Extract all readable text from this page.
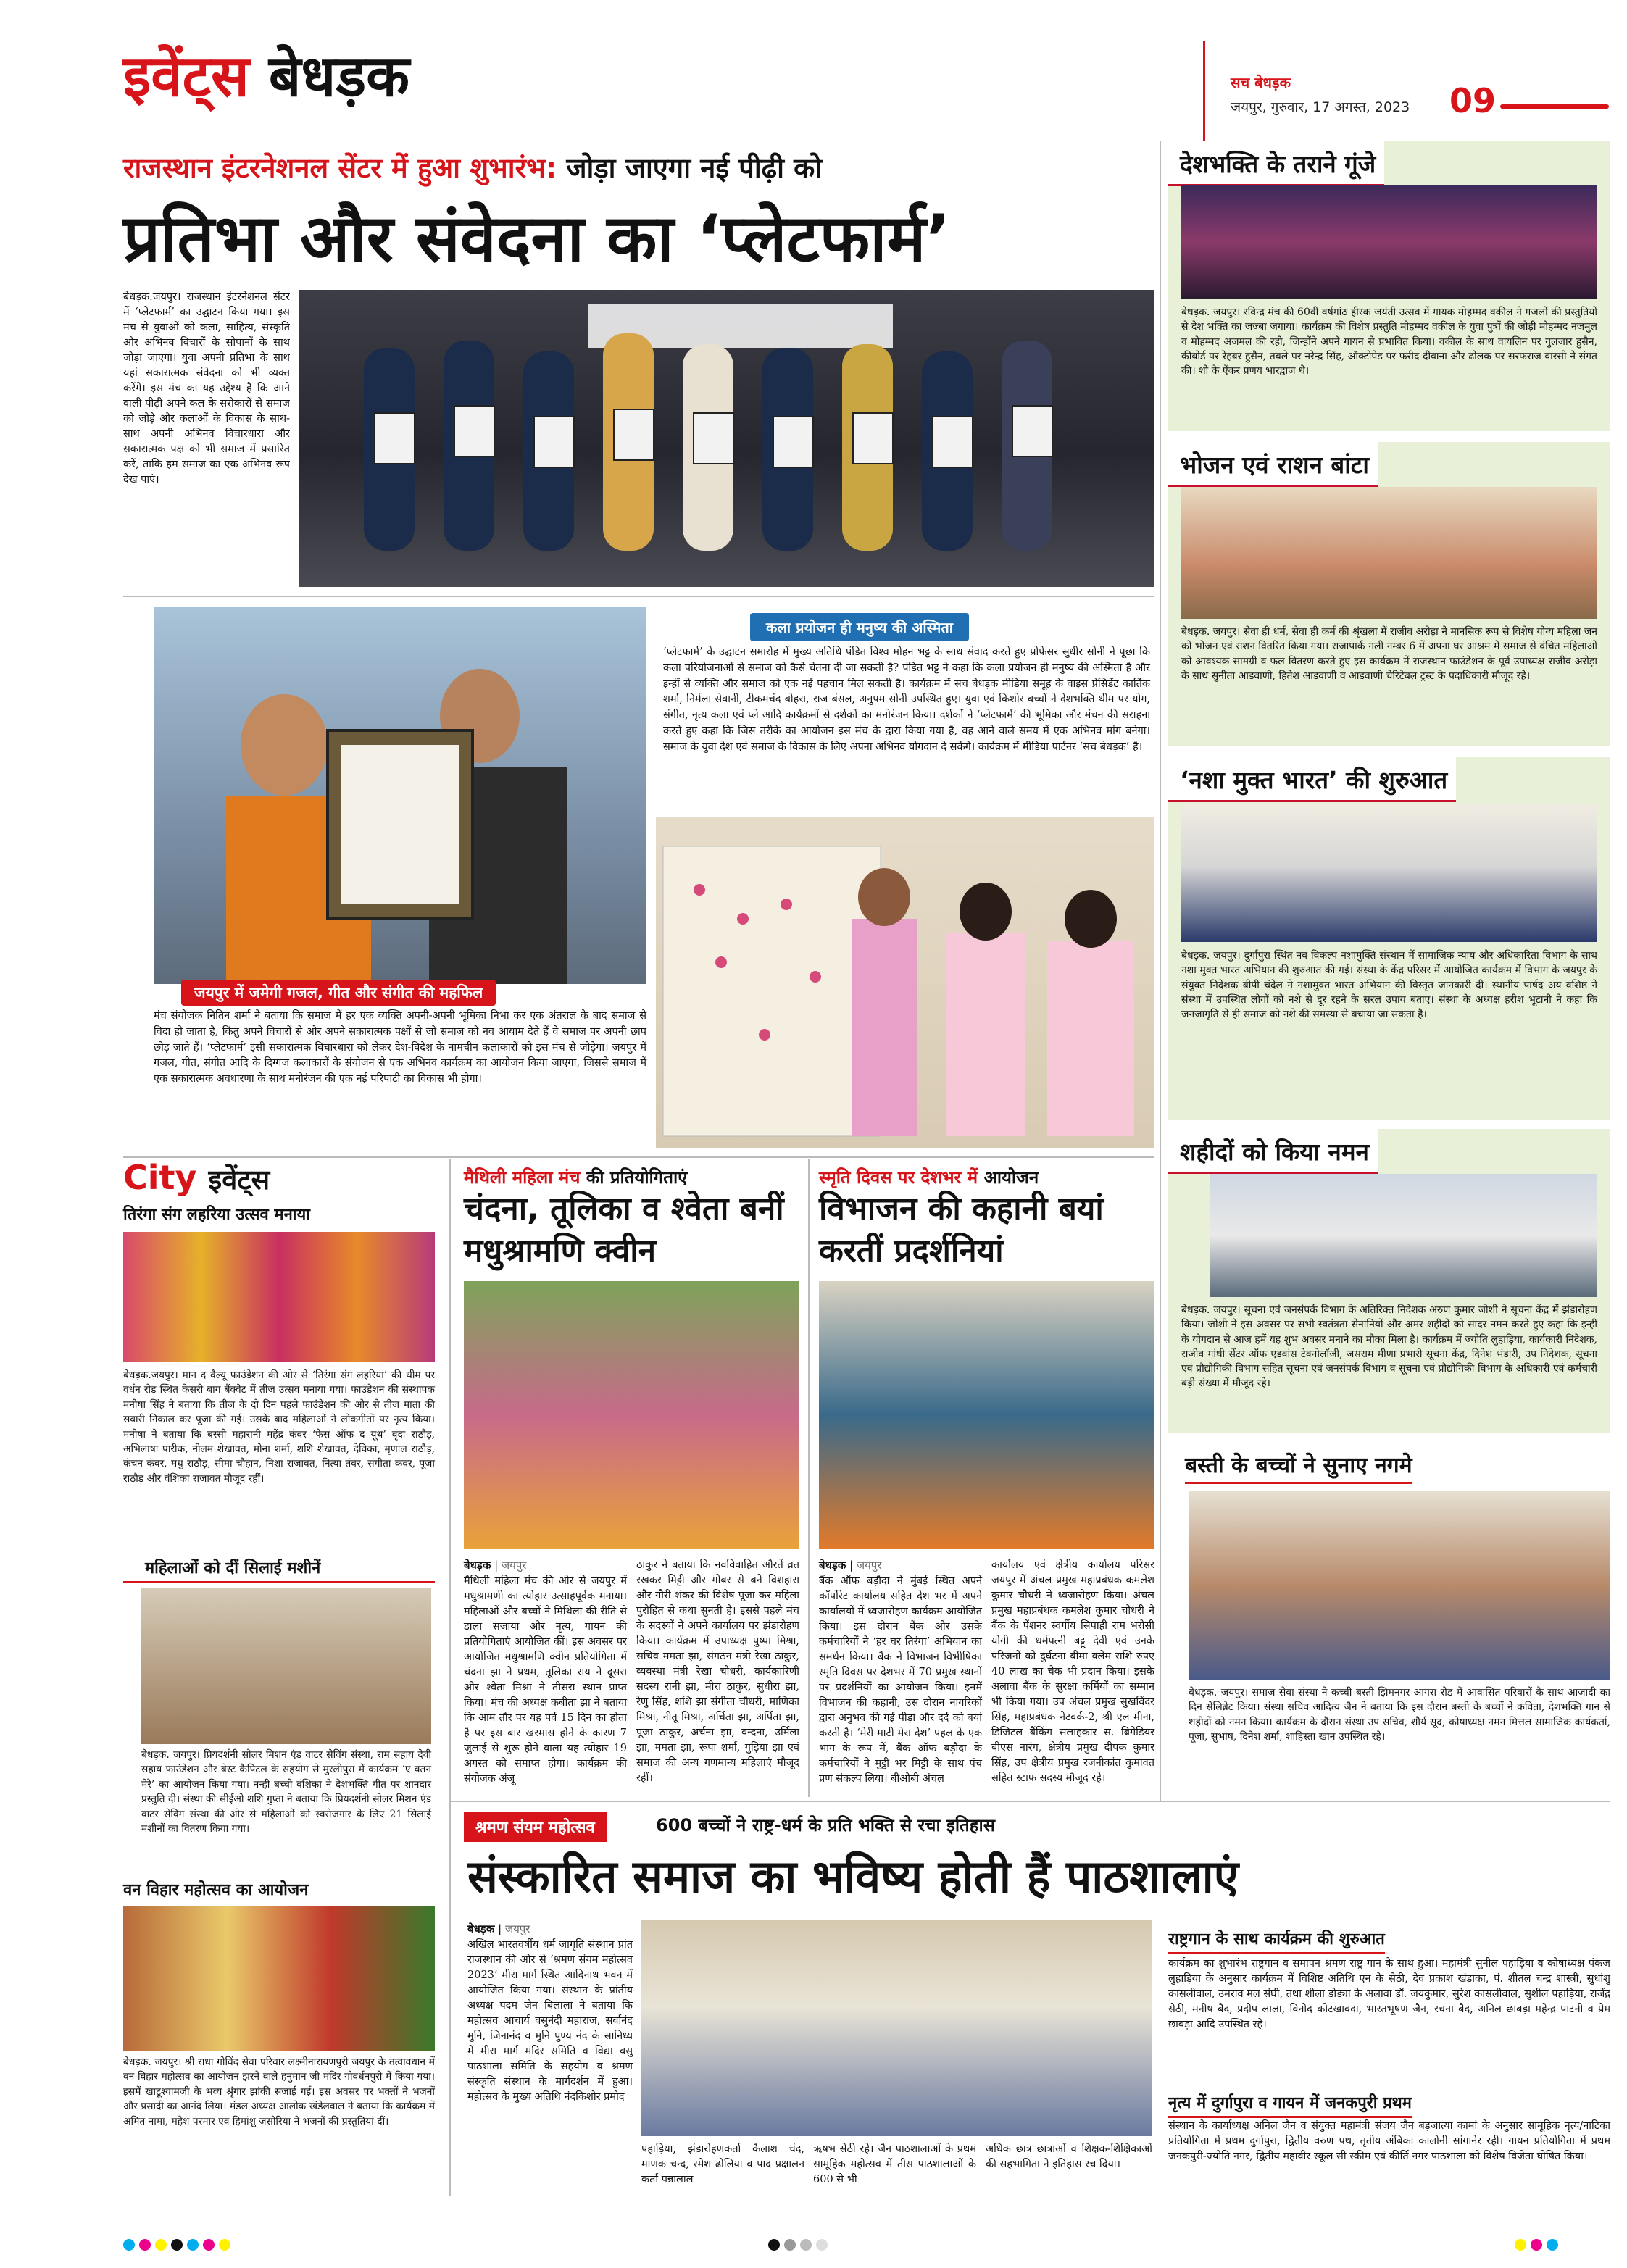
इवेंट्स बेधड़क	सच बेधड़क
जयपुर, गुरुवार, 17 अगस्त, 2023 09
राजस्थान इंटरनेशनल सेंटर में हुआ शुभारंभ: जोड़ा जाएगा नई पीढ़ी को
प्रतिभा और संवेदना का ‘प्लेटफार्म’
बेधड़क.जयपुर। राजस्थान इंटरनेशनल सेंटर में ‘प्लेटफार्म’ का उद्घाटन किया गया। इस मंच से युवाओं को कला, साहित्य, संस्कृति और अभिनव विचारों के सोपानों के साथ जोड़ा जाएगा। युवा अपनी प्रतिभा के साथ यहां सकारात्मक संवेदना को भी व्यक्त करेंगे। इस मंच का यह उद्देश्य है कि आने वाली पीढ़ी अपने कल के सरोकारों से समाज को जोड़े और कलाओं के विकास के साथ-साथ अपनी अभिनव विचारधारा और सकारात्मक पक्ष को भी समाज में प्रसारित करें, ताकि हम समाज का एक अभिनव रूप देख पाएं।
जयपुर में जमेगी गजल, गीत और संगीत की महफिल
मंच संयोजक नितिन शर्मा ने बताया कि समाज में हर एक व्यक्ति अपनी-अपनी भूमिका निभा कर एक अंतराल के बाद समाज से विदा हो जाता है, किंतु अपने विचारों से और अपने सकारात्मक पक्षों से जो समाज को नव आयाम देते हैं वे समाज पर अपनी छाप छोड़ जाते हैं। ‘प्लेटफार्म’ इसी सकारात्मक विचारधारा को लेकर देश-विदेश के नामचीन कलाकारों को इस मंच से जोड़ेगा। जयपुर में गजल, गीत, संगीत आदि के दिग्गज कलाकारों के संयोजन से एक अभिनव कार्यक्रम का आयोजन किया जाएगा, जिससे समाज में एक सकारात्मक अवधारणा के साथ मनोरंजन की एक नई परिपाटी का विकास भी होगा।
कला प्रयोजन ही मनुष्य की अस्मिता
‘प्लेटफार्म’ के उद्घाटन समारोह में मुख्य अतिथि पंडित विश्व मोहन भट्ट के साथ संवाद करते हुए प्रोफेसर सुधीर सोनी ने पूछा कि कला परियोजनाओं से समाज को कैसे चेतना दी जा सकती है? पंडित भट्ट ने कहा कि कला प्रयोजन ही मनुष्य की अस्मिता है और इन्हीं से व्यक्ति और समाज को एक नई पहचान मिल सकती है। कार्यक्रम में सच बेधड़क मीडिया समूह के वाइस प्रेसिडेंट कार्तिक शर्मा, निर्मला सेवानी, टीकमचंद बोहरा, राज बंसल, अनुपम सोनी उपस्थित हुए। युवा एवं किशोर बच्चों ने देशभक्ति थीम पर योग, संगीत, नृत्य कला एवं प्ले आदि कार्यक्रमों से दर्शकों का मनोरंजन किया। दर्शकों ने ‘प्लेटफार्म’ की भूमिका और मंचन की सराहना करते हुए कहा कि जिस तरीके का आयोजन इस मंच के द्वारा किया गया है, वह आने वाले समय में एक अभिनव मांग बनेगा। समाज के युवा देश एवं समाज के विकास के लिए अपना अभिनव योगदान दे सकेंगे। कार्यक्रम में मीडिया पार्टनर ‘सच बेधड़क’ है।
City इवेंट्स
तिरंगा संग लहरिया उत्सव मनाया
बेधड़क.जयपुर। मान द वैल्यू फाउंडेशन की ओर से ‘तिरंगा संग लहरिया’ की थीम पर वर्धन रोड स्थित केसरी बाग बैंक्वेट में तीज उत्सव मनाया गया। फाउंडेशन की संस्थापक मनीषा सिंह ने बताया कि तीज के दो दिन पहले फाउंडेशन की ओर से तीज माता की सवारी निकाल कर पूजा की गई। उसके बाद महिलाओं ने लोकगीतों पर नृत्य किया। मनीषा ने बताया कि बस्सी महारानी महेंद्र कंवर ‘फेस ऑफ द यूथ’ वृंदा राठौड़, अभिलाषा पारीक, नीलम शेखावत, मोना शर्मा, शशि शेखावत, देविका, मृणाल राठौड़, कंचन कंवर, मधु राठौड़, सीमा चौहान, निशा राजावत, नित्या तंवर, संगीता कंवर, पूजा राठौड़ और वंशिका राजावत मौजूद रहीं।
महिलाओं को दीं सिलाई मशीनें
बेधड़क. जयपुर। प्रियदर्शनी सोलर मिशन एंड वाटर सेविंग संस्था, राम सहाय देवी सहाय फाउंडेशन और बेस्ट कैपिटल के सहयोग से मुरलीपुरा में कार्यक्रम ‘ए वतन मेरे’ का आयोजन किया गया। नन्ही बच्ची वंशिका ने देशभक्ति गीत पर शानदार प्रस्तुति दी। संस्था की सीईओ शशि गुप्ता ने बताया कि प्रियदर्शनी सोलर मिशन एंड वाटर सेविंग संस्था की ओर से महिलाओं को स्वरोजगार के लिए 21 सिलाई मशीनों का वितरण किया गया।
वन विहार महोत्सव का आयोजन
बेधड़क. जयपुर। श्री राधा गोविंद सेवा परिवार लक्ष्मीनारायणपुरी जयपुर के तत्वावधान में वन विहार महोत्सव का आयोजन झरने वाले हनुमान जी मंदिर गोवर्धनपुरी में किया गया। इसमें खाटूश्यामजी के भव्य श्रृंगार झांकी सजाई गई। इस अवसर पर भक्तों ने भजनों और प्रसादी का आनंद लिया। मंडल अध्यक्ष आलोक खंडेलवाल ने बताया कि कार्यक्रम में अमित नामा, महेश परमार एवं हिमांशु जसोरिया ने भजनों की प्रस्तुतियां दीं।
मैथिली महिला मंच की प्रतियोगिताएं
चंदना, तूलिका व श्वेता बनीं मधुश्रामणि क्वीन
बेधड़क | जयपुर
मैथिली महिला मंच की ओर से जयपुर में मधुश्रामणी का त्योहार उत्साहपूर्वक मनाया। महिलाओं और बच्चों ने मिथिला की रीति से डाला सजाया और नृत्य, गायन की प्रतियोगिताएं आयोजित कीं। इस अवसर पर आयोजित मधुश्रामणि क्वीन प्रतियोगिता में चंदना झा ने प्रथम, तूलिका राय ने दूसरा और श्वेता मिश्रा ने तीसरा स्थान प्राप्त किया। मंच की अध्यक्ष कबीता झा ने बताया कि आम तौर पर यह पर्व 15 दिन का होता है पर इस बार खरमास होने के कारण 7 जुलाई से शुरू होने वाला यह त्योहार 19 अगस्त को समाप्त होगा। कार्यक्रम की संयोजक अंजू
ठाकुर ने बताया कि नवविवाहित औरतें व्रत रखकर मिट्टी और गोबर से बने विशहारा और गौरी शंकर की विशेष पूजा कर महिला पुरोहित से कथा सुनती है। इससे पहले मंच के सदस्यों ने अपने कार्यालय पर झंडारोहण किया। कार्यक्रम में उपाध्यक्ष पुष्पा मिश्रा, सचिव ममता झा, संगठन मंत्री रेखा ठाकुर, व्यवस्था मंत्री रेखा चौधरी, कार्यकारिणी सदस्य रानी झा, मीरा ठाकुर, सुधीरा झा, रेणु सिंह, शशि झा संगीता चौधरी, माणिका मिश्रा, नीतू मिश्रा, अर्चिता झा, अर्पिता झा, पूजा ठाकुर, अर्चना झा, वन्दना, उर्मिला झा, ममता झा, रूपा शर्मा, गुड़िया झा एवं समाज की अन्य गणमान्य महिलाएं मौजूद रहीं।
स्मृति दिवस पर देशभर में आयोजन
विभाजन की कहानी बयां करतीं प्रदर्शनियां
बेधड़क | जयपुर
बैंक ऑफ बड़ौदा ने मुंबई स्थित अपने कॉर्पोरेट कार्यालय सहित देश भर में अपने कार्यालयों में ध्वजारोहण कार्यक्रम आयोजित किया। इस दौरान बैंक और उसके कर्मचारियों ने ‘हर घर तिरंगा’ अभियान का समर्थन किया। बैंक ने विभाजन विभीषिका स्मृति दिवस पर देशभर में 70 प्रमुख स्थानों पर प्रदर्शनियों का आयोजन किया। इनमें विभाजन की कहानी, उस दौरान नागरिकों द्वारा अनुभव की गई पीड़ा और दर्द को बयां करती है। ‘मेरी माटी मेरा देश’ पहल के एक भाग के रूप में, बैंक ऑफ बड़ौदा के कर्मचारियों ने मुट्ठी भर मिट्टी के साथ पंच प्रण संकल्प लिया। बीओबी अंचल
कार्यालय एवं क्षेत्रीय कार्यालय परिसर जयपुर में अंचल प्रमुख महाप्रबंधक कमलेश कुमार चौधरी ने ध्वजारोहण किया। अंचल प्रमुख महाप्रबंधक कमलेश कुमार चौधरी ने बैंक के पेंशनर स्वर्गीय सिपाही राम भरोसी योगी की धर्मपत्नी बट्टू देवी एवं उनके परिजनों को दुर्घटना बीमा क्लेम राशि रुपए 40 लाख का चेक भी प्रदान किया। इसके अलावा बैंक के सुरक्षा कर्मियों का सम्मान भी किया गया। उप अंचल प्रमुख सुखविंदर सिंह, महाप्रबंधक नेटवर्क-2, श्री एल मीना, डिजिटल बैंकिंग सलाहकार स. ब्रिगेडियर बीएस नारंग, क्षेत्रीय प्रमुख दीपक कुमार सिंह, उप क्षेत्रीय प्रमुख रजनीकांत कुमावत सहित स्टाफ सदस्य मौजूद रहे।
श्रमण संयम महोत्सव	600 बच्चों ने राष्ट्र-धर्म के प्रति भक्ति से रचा इतिहास
संस्कारित समाज का भविष्य होती हैं पाठशालाएं
बेधड़क | जयपुर
अखिल भारतवर्षीय धर्म जागृति संस्थान प्रांत राजस्थान की ओर से ‘श्रमण संयम महोत्सव 2023’ मीरा मार्ग स्थित आदिनाथ भवन में आयोजित किया गया। संस्थान के प्रांतीय अध्यक्ष पदम जैन बिलाला ने बताया कि महोत्सव आचार्य वसुनंदी महाराज, सर्वानंद मुनि, जिनानंद व मुनि पुण्य नंद के सानिध्य में मीरा मार्ग मंदिर समिति व विद्या वसु पाठशाला समिति के सहयोग व श्रमण संस्कृति संस्थान के मार्गदर्शन में हुआ। महोत्सव के मुख्य अतिथि नंदकिशोर प्रमोद
पहाड़िया, झंडारोहणकर्ता कैलाश चंद, माणक चन्द, रमेश ढोलिया व पाद प्रक्षालन कर्ता पन्नालाल
ऋषभ सेठी रहे। जैन पाठशालाओं के प्रथम सामूहिक महोत्सव में तीस पाठशालाओं के 600 से भी
अधिक छात्र छात्राओं व शिक्षक-शिक्षिकाओं की सहभागिता ने इतिहास रच दिया।
राष्ट्रगान के साथ कार्यक्रम की शुरुआत
कार्यक्रम का शुभारंभ राष्ट्रगान व समापन श्रमण राष्ट्र गान के साथ हुआ। महामंत्री सुनील पहाड़िया व कोषाध्यक्ष पंकज लुहाड़िया के अनुसार कार्यक्रम में विशिष्ट अतिथि एन के सेठी, देव प्रकाश खंडाका, पं. शीतल चन्द्र शास्त्री, सुधांशु कासलीवाल, उमराव मल संघी, तथा शीला डोड्या के अलावा डॉ. जयकुमार, सुरेश कासलीवाल, सुशील पहाड़िया, राजेंद्र सेठी, मनीष बैद, प्रदीप लाला, विनोद कोटखावदा, भारतभूषण जैन, रचना बैद, अनिल छाबड़ा महेन्द्र पाटनी व प्रेम छाबड़ा आदि उपस्थित रहे।
नृत्य में दुर्गापुरा व गायन में जनकपुरी प्रथम
संस्थान के कार्याध्यक्ष अनिल जैन व संयुक्त महामंत्री संजय जैन बड़जात्या कामां के अनुसार सामूहिक नृत्य/नाटिका प्रतियोगिता में प्रथम दुर्गापुरा, द्वितीय वरुण पथ, तृतीय अंबिका कालोनी सांगानेर रही। गायन प्रतियोगिता में प्रथम जनकपुरी-ज्योति नगर, द्वितीय महावीर स्कूल सी स्कीम एवं कीर्ति नगर पाठशाला को विशेष विजेता घोषित किया।
देशभक्ति के तराने गूंजे
बेधड़क. जयपुर। रविन्द्र मंच की 60वीं वर्षगांठ हीरक जयंती उत्सव में गायक मोहम्मद वकील ने गजलों की प्रस्तुतियों से देश भक्ति का जज्बा जगाया। कार्यक्रम की विशेष प्रस्तुति मोहम्मद वकील के युवा पुत्रों की जोड़ी मोहम्मद नजमुल व मोहम्मद अजमल की रही, जिन्होंने अपने गायन से प्रभावित किया। वकील के साथ वायलिन पर गुलजार हुसैन, कीबोर्ड पर रेहबर हुसैन, तबले पर नरेन्द्र सिंह, ऑक्टोपेड पर फरीद दीवाना और ढोलक पर सरफराज वारसी ने संगत की। शो के ऐंकर प्रणय भारद्वाज थे।
भोजन एवं राशन बांटा
बेधड़क. जयपुर। सेवा ही धर्म, सेवा ही कर्म की श्रृंखला में राजीव अरोड़ा ने मानसिक रूप से विशेष योग्य महिला जन को भोजन एवं राशन वितरित किया गया। राजापार्क गली नम्बर 6 में अपना घर आश्रम में समाज से वंचित महिलाओं को आवश्यक सामग्री व फल वितरण करते हुए इस कार्यक्रम में राजस्थान फाउंडेशन के पूर्व उपाध्यक्ष राजीव अरोड़ा के साथ सुनीता आडवाणी, हितेश आडवाणी व आडवाणी चेरिटेबल ट्रस्ट के पदाधिकारी मौजूद रहे।
‘नशा मुक्त भारत’ की शुरुआत
बेधड़क. जयपुर। दुर्गापुरा स्थित नव विकल्प नशामुक्ति संस्थान में सामाजिक न्याय और अधिकारिता विभाग के साथ नशा मुक्त भारत अभियान की शुरुआत की गई। संस्था के केंद्र परिसर में आयोजित कार्यक्रम में विभाग के जयपुर के संयुक्त निदेशक बीपी चंदेल ने नशामुक्त भारत अभियान की विस्तृत जानकारी दी। स्थानीय पार्षद अय वशिष्ठ ने संस्था में उपस्थित लोगों को नशे से दूर रहने के सरल उपाय बताए। संस्था के अध्यक्ष हरीश भूटानी ने कहा कि जनजागृति से ही समाज को नशे की समस्या से बचाया जा सकता है।
शहीदों को किया नमन
बेधड़क. जयपुर। सूचना एवं जनसंपर्क विभाग के अतिरिक्त निदेशक अरुण कुमार जोशी ने सूचना केंद्र में झंडारोहण किया। जोशी ने इस अवसर पर सभी स्वतंत्रता सेनानियों और अमर शहीदों को सादर नमन करते हुए कहा कि इन्हीं के योगदान से आज हमें यह शुभ अवसर मनाने का मौका मिला है। कार्यक्रम में ज्योति लुहाड़िया, कार्यकारी निदेशक, राजीव गांधी सेंटर ऑफ एडवांस टेक्नोलॉजी, जसराम मीणा प्रभारी सूचना केंद्र, दिनेश भंडारी, उप निदेशक, सूचना एवं प्रौद्योगिकी विभाग सहित सूचना एवं जनसंपर्क विभाग व सूचना एवं प्रौद्योगिकी विभाग के अधिकारी एवं कर्मचारी बड़ी संख्या में मौजूद रहे।
बस्ती के बच्चों ने सुनाए नगमे
बेधड़क. जयपुर। समाज सेवा संस्था ने कच्ची बस्ती झिमनगर आगरा रोड में आवासित परिवारों के साथ आजादी का दिन सेलिब्रेट किया। संस्था सचिव आदित्य जैन ने बताया कि इस दौरान बस्ती के बच्चों ने कविता, देशभक्ति गान से शहीदों को नमन किया। कार्यक्रम के दौरान संस्था उप सचिव, शौर्य सूद, कोषाध्यक्ष नमन मित्तल सामाजिक कार्यकर्ता, पूजा, सुभाष, दिनेश शर्मा, शाहिस्ता खान उपस्थित रहे।
